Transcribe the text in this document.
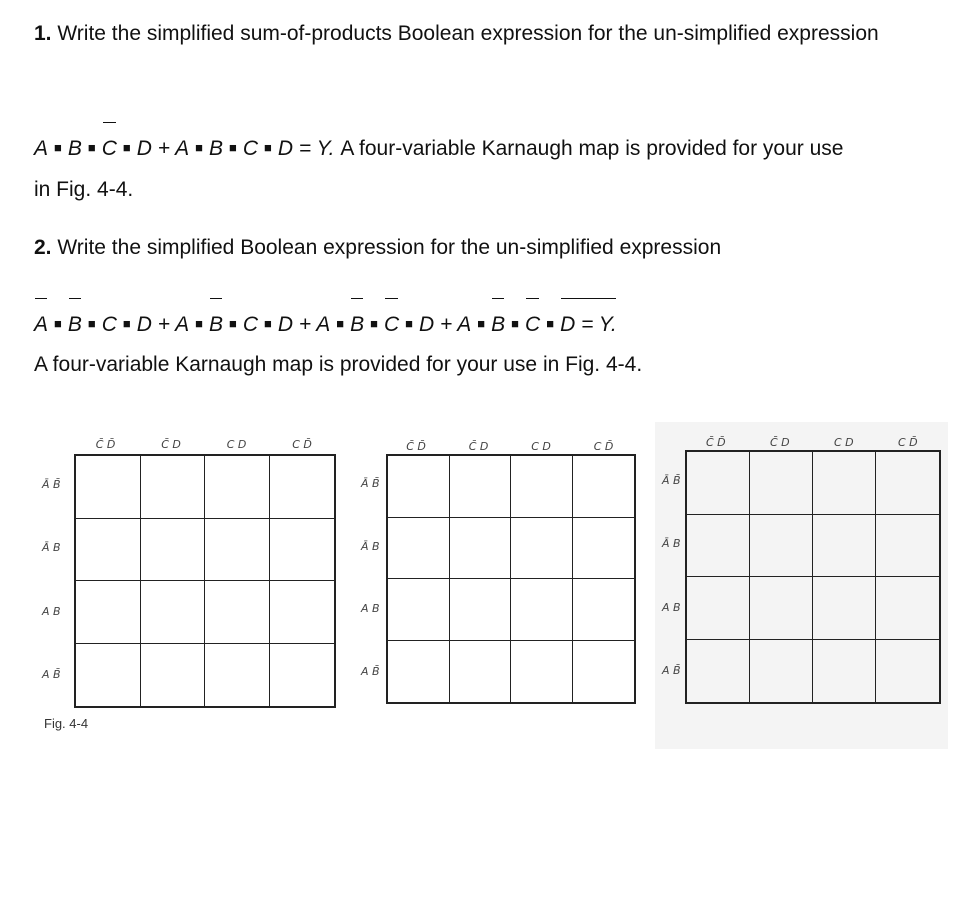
1. Write the simplified sum-of-products Boolean expression for the un-simplified expression

A ■ B ■ C ■ D + A ■ B ■ C ■ D = Y. A four-variable Karnaugh map is provided for your use
in Fig. 4-4.

2. Write the simplified Boolean expression for the un-simplified expression

A ■ B ■ C ■ D + A ■ B ■ C ■ D + A ■ B ■ C ■ D + A ■ B ■ C ■ D = Y.
A four-variable Karnaugh map is provided for your use in Fig. 4-4.
C̄ D̄	C̄ D	C D	C D̄
Ā B̄
Ā B
A B
A B̄
C̄ D̄	C̄ D	C D	C D̄
Ā B̄
Ā B
A B
A B̄
C̄ D̄	C̄ D	C D	C D̄
Ā B̄
Ā B
A B
A B̄
Fig. 4-4
